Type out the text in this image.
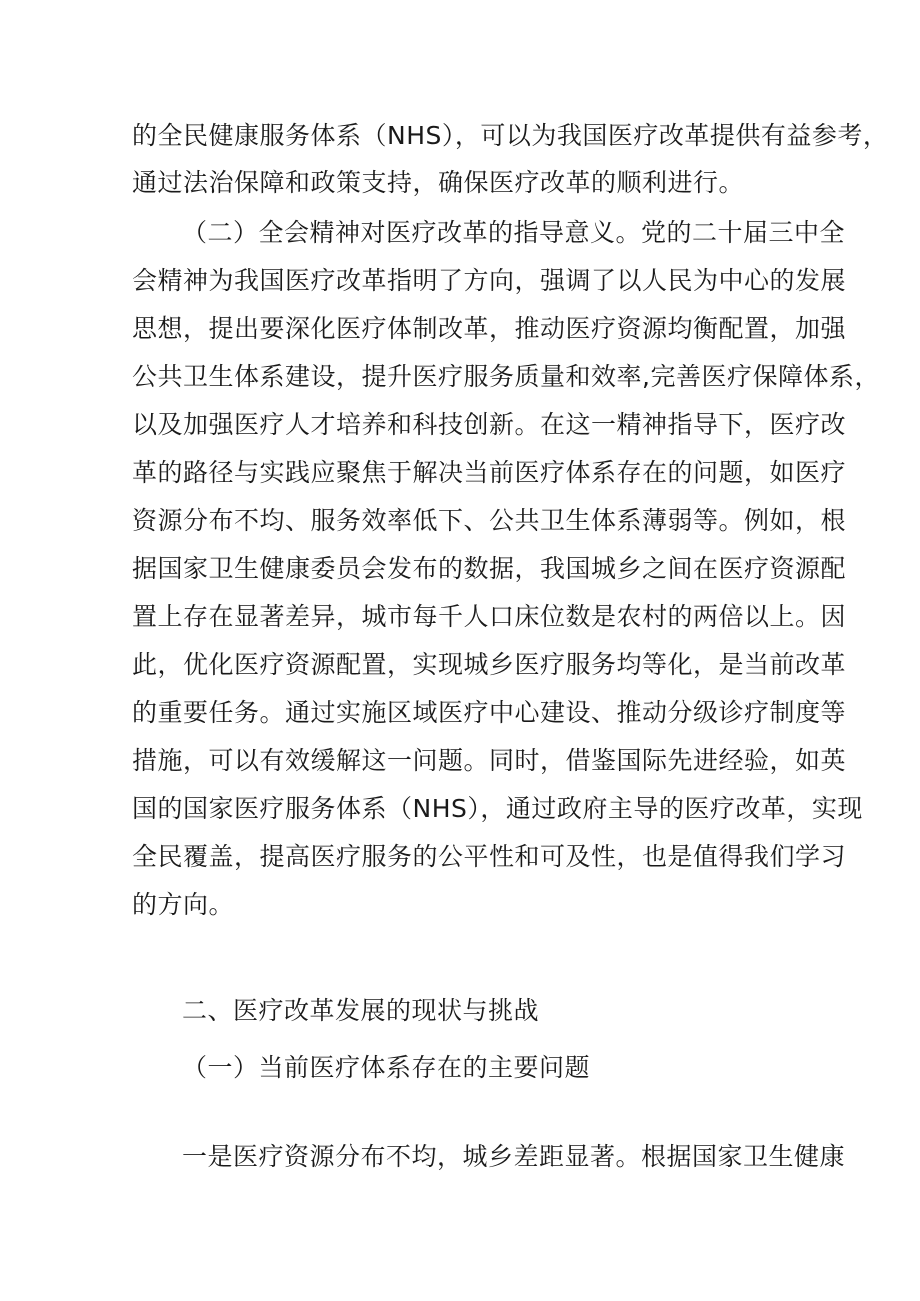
的全民健康服务体系（NHS），可以为我国医疗改革提供有益参考，
通过法治保障和政策支持，确保医疗改革的顺利进行。
（二）全会精神对医疗改革的指导意义。党的二十届三中全
会精神为我国医疗改革指明了方向，强调了以人民为中心的发展
思想，提出要深化医疗体制改革，推动医疗资源均衡配置，加强
公共卫生体系建设，提升医疗服务质量和效率,完善医疗保障体系，
以及加强医疗人才培养和科技创新。在这一精神指导下，医疗改
革的路径与实践应聚焦于解决当前医疗体系存在的问题，如医疗
资源分布不均、服务效率低下、公共卫生体系薄弱等。例如，根
据国家卫生健康委员会发布的数据，我国城乡之间在医疗资源配
置上存在显著差异，城市每千人口床位数是农村的两倍以上。因
此，优化医疗资源配置，实现城乡医疗服务均等化，是当前改革
的重要任务。通过实施区域医疗中心建设、推动分级诊疗制度等
措施，可以有效缓解这一问题。同时，借鉴国际先进经验，如英
国的国家医疗服务体系（NHS），通过政府主导的医疗改革，实现
全民覆盖，提高医疗服务的公平性和可及性，也是值得我们学习
的方向。
二、医疗改革发展的现状与挑战
（一）当前医疗体系存在的主要问题
一是医疗资源分布不均，城乡差距显著。根据国家卫生健康
